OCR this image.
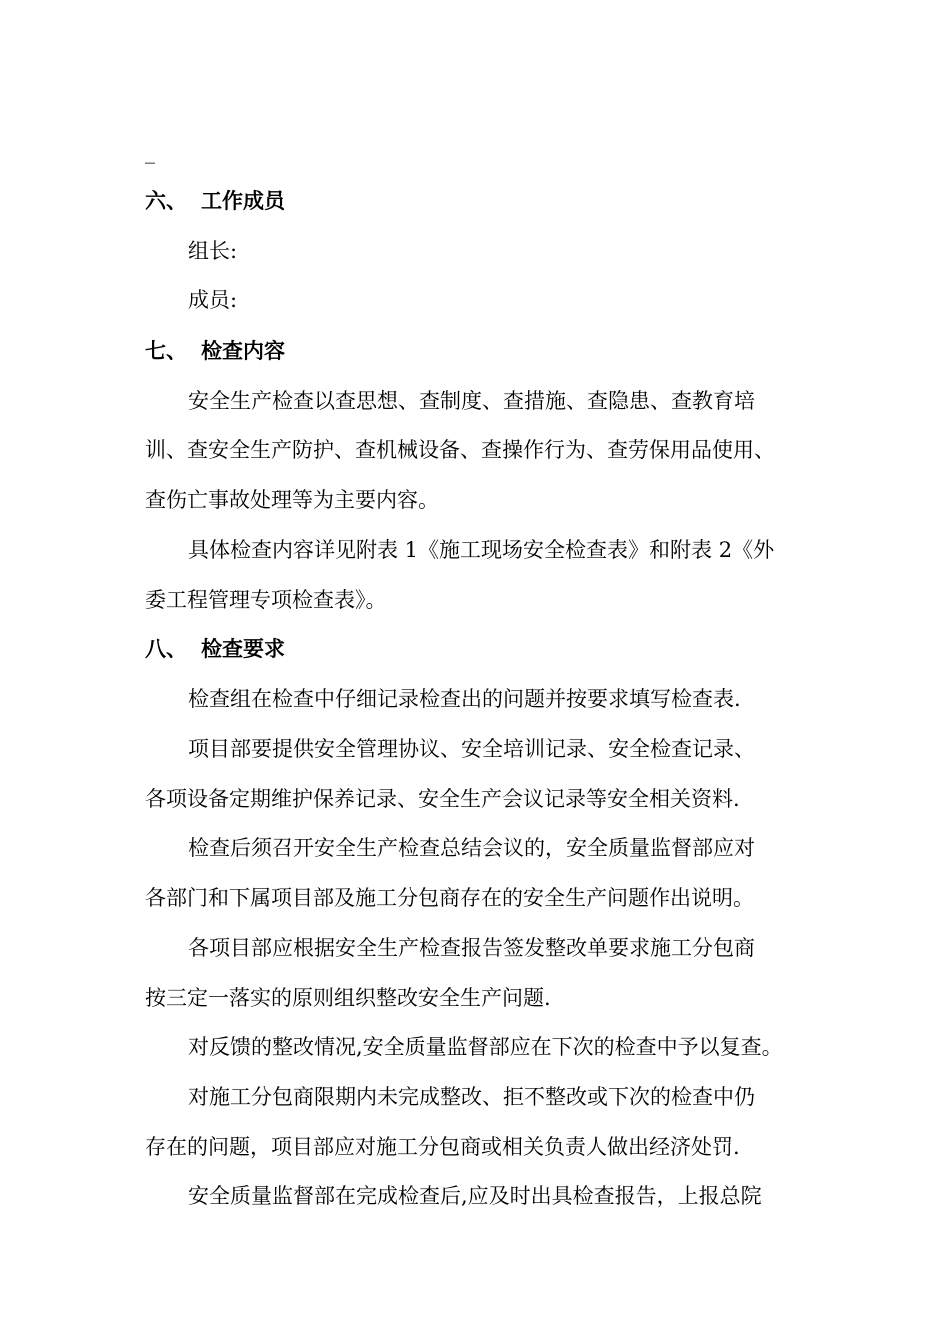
_
六、 工作成员
组长:
成员:
七、 检查内容
安全生产检查以查思想、查制度、查措施、查隐患、查教育培
训、查安全生产防护、查机械设备、查操作行为、查劳保用品使用、
查伤亡事故处理等为主要内容。
具体检查内容详见附表 1《施工现场安全检查表》和附表 2《外
委工程管理专项检查表》。
八、 检查要求
检查组在检查中仔细记录检查出的问题并按要求填写检查表.
项目部要提供安全管理协议、安全培训记录、安全检查记录、
各项设备定期维护保养记录、安全生产会议记录等安全相关资料.
检查后须召开安全生产检查总结会议的，安全质量监督部应对
各部门和下属项目部及施工分包商存在的安全生产问题作出说明。
各项目部应根据安全生产检查报告签发整改单要求施工分包商
按三定一落实的原则组织整改安全生产问题.
对反馈的整改情况,安全质量监督部应在下次的检查中予以复查。
对施工分包商限期内未完成整改、拒不整改或下次的检查中仍
存在的问题，项目部应对施工分包商或相关负责人做出经济处罚.
安全质量监督部在完成检查后,应及时出具检查报告，上报总院
